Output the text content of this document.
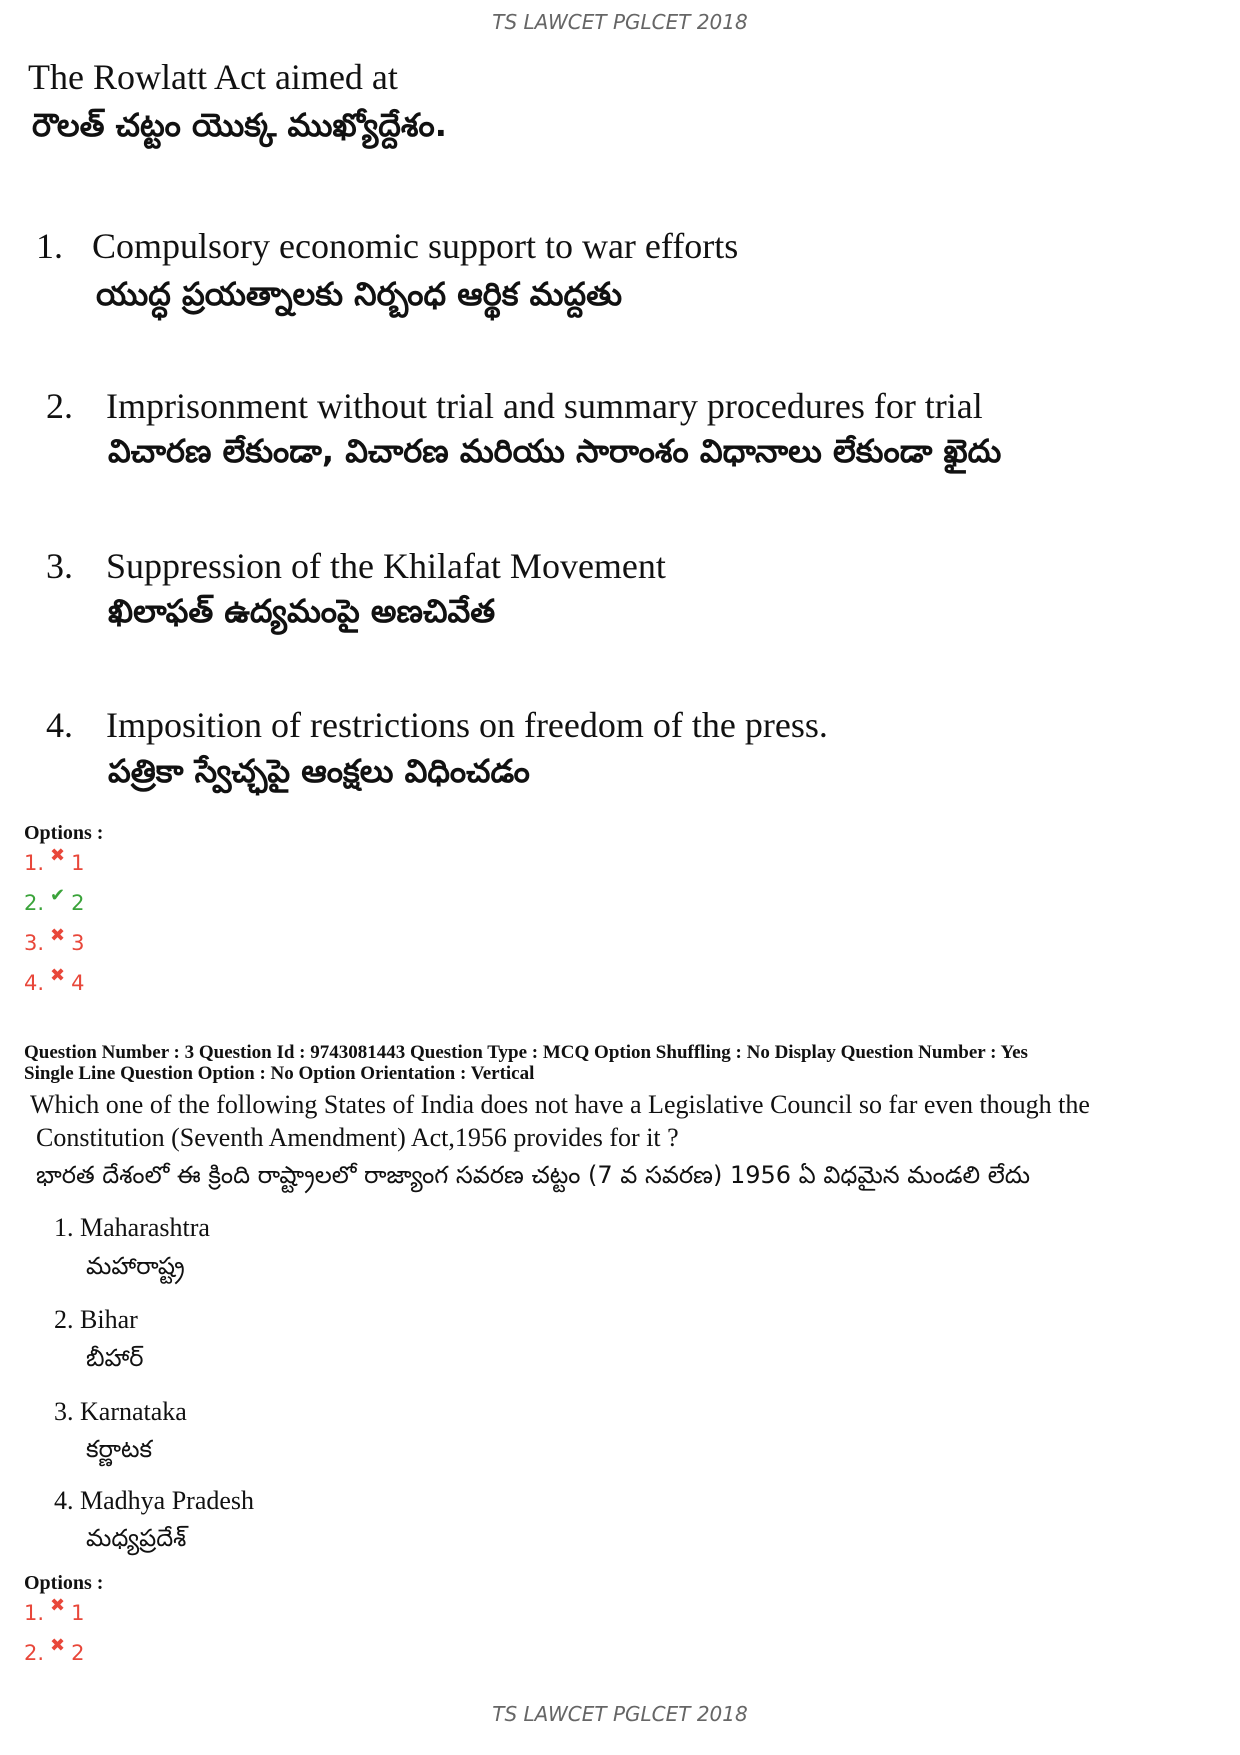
TS LAWCET PGLCET 2018
The Rowlatt Act aimed at
రౌలత్ చట్టం యొక్క ముఖ్యోద్దేశం.
1. Compulsory economic support to war efforts
యుద్ధ ప్రయత్నాలకు నిర్బంధ ఆర్థిక మద్దతు
2. Imprisonment without trial and summary procedures for trial
విచారణ లేకుండా, విచారణ మరియు సారాంశం విధానాలు లేకుండా ఖైదు
3. Suppression of the Khilafat Movement
ఖిలాఫత్ ఉద్యమంపై అణచివేత
4. Imposition of restrictions on freedom of the press.
పత్రికా స్వేచ్ఛపై ఆంక్షలు విధించడం
Options :
1. ✖ 1
2. ✔ 2
3. ✖ 3
4. ✖ 4
Question Number : 3 Question Id : 9743081443 Question Type : MCQ Option Shuffling : No Display Question Number : Yes
Single Line Question Option : No Option Orientation : Vertical
Which one of the following States of India does not have a Legislative Council so far even though the
Constitution (Seventh Amendment) Act,1956 provides for it ?
భారత దేశంలో ఈ క్రింది రాష్ట్రాలలో రాజ్యాంగ సవరణ చట్టం (7 వ సవరణ) 1956 ఏ విధమైన మండలి లేదు
1. Maharashtra
మహారాష్ట్ర
2. Bihar
బీహార్
3. Karnataka
కర్ణాటక
4. Madhya Pradesh
మధ్యప్రదేశ్
Options :
1. ✖ 1
2. ✖ 2
TS LAWCET PGLCET 2018
